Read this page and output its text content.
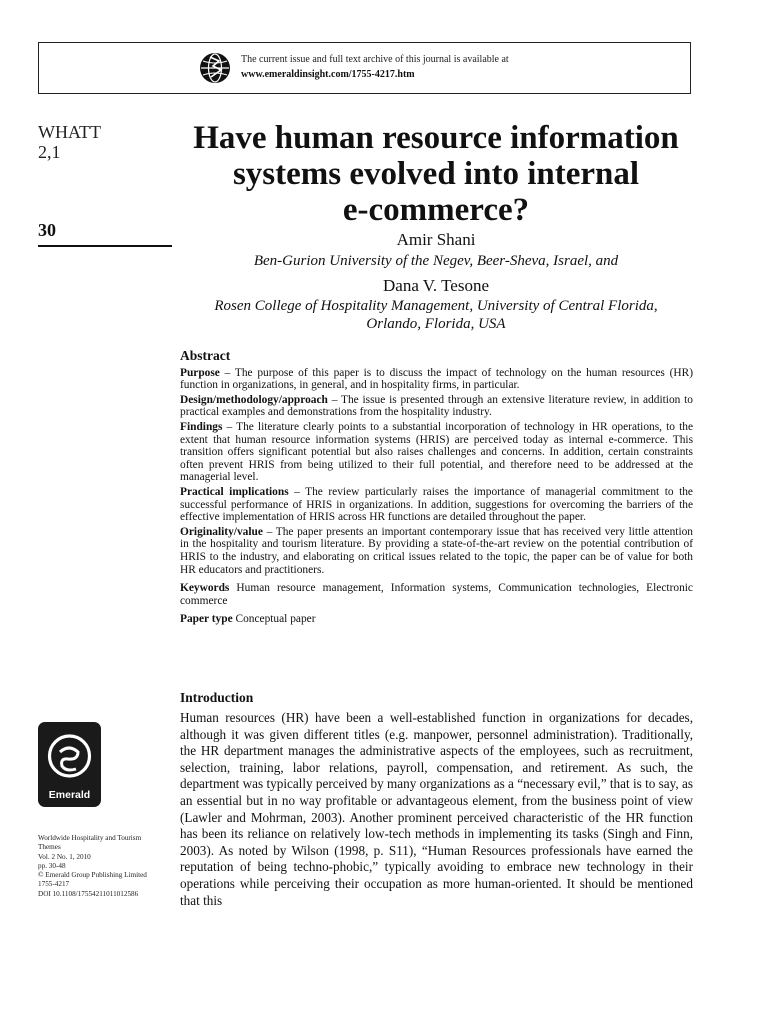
The current issue and full text archive of this journal is available at
www.emeraldinsight.com/1755-4217.htm
WHATT
2,1
30
Have human resource information
systems evolved into internal
e-commerce?
Amir Shani
Ben-Gurion University of the Negev, Beer-Sheva, Israel, and
Dana V. Tesone
Rosen College of Hospitality Management, University of Central Florida,
Orlando, Florida, USA
Abstract

Purpose – The purpose of this paper is to discuss the impact of technology on the human resources (HR) function in organizations, in general, and in hospitality firms, in particular.

Design/methodology/approach – The issue is presented through an extensive literature review, in addition to practical examples and demonstrations from the hospitality industry.

Findings – The literature clearly points to a substantial incorporation of technology in HR operations, to the extent that human resource information systems (HRIS) are perceived today as internal e-commerce. This transition offers significant potential but also raises challenges and concerns. In addition, certain constraints often prevent HRIS from being utilized to their full potential, and therefore need to be addressed at the managerial level.

Practical implications – The review particularly raises the importance of managerial commitment to the successful performance of HRIS in organizations. In addition, suggestions for overcoming the barriers of the effective implementation of HRIS across HR functions are detailed throughout the paper.

Originality/value – The paper presents an important contemporary issue that has received very little attention in the hospitality and tourism literature. By providing a state-of-the-art review on the potential contribution of HRIS to the industry, and elaborating on critical issues related to the topic, the paper can be of value for both HR educators and practitioners.

Keywords Human resource management, Information systems, Communication technologies, Electronic commerce

Paper type Conceptual paper

Introduction

Human resources (HR) have been a well-established function in organizations for decades, although it was given different titles (e.g. manpower, personnel administration). Traditionally, the HR department manages the administrative aspects of the employees, such as recruitment, selection, training, labor relations, payroll, compensation, and retirement. As such, the department was typically perceived by many organizations as a “necessary evil,” that is to say, as an essential but in no way profitable or advantageous element, from the business point of view (Lawler and Mohrman, 2003). Another prominent perceived characteristic of the HR function has been its reliance on relatively low-tech methods in implementing its tasks (Singh and Finn, 2003). As noted by Wilson (1998, p. S11), “Human Resources professionals have earned the reputation of being techno-phobic,” typically avoiding to embrace new technology in their operations while perceiving their occupation as more human-oriented. It should be mentioned that this

Emerald
Worldwide Hospitality and Tourism
Themes
Vol. 2 No. 1, 2010
pp. 30-48
© Emerald Group Publishing Limited
1755-4217
DOI 10.1108/17554211011012586
